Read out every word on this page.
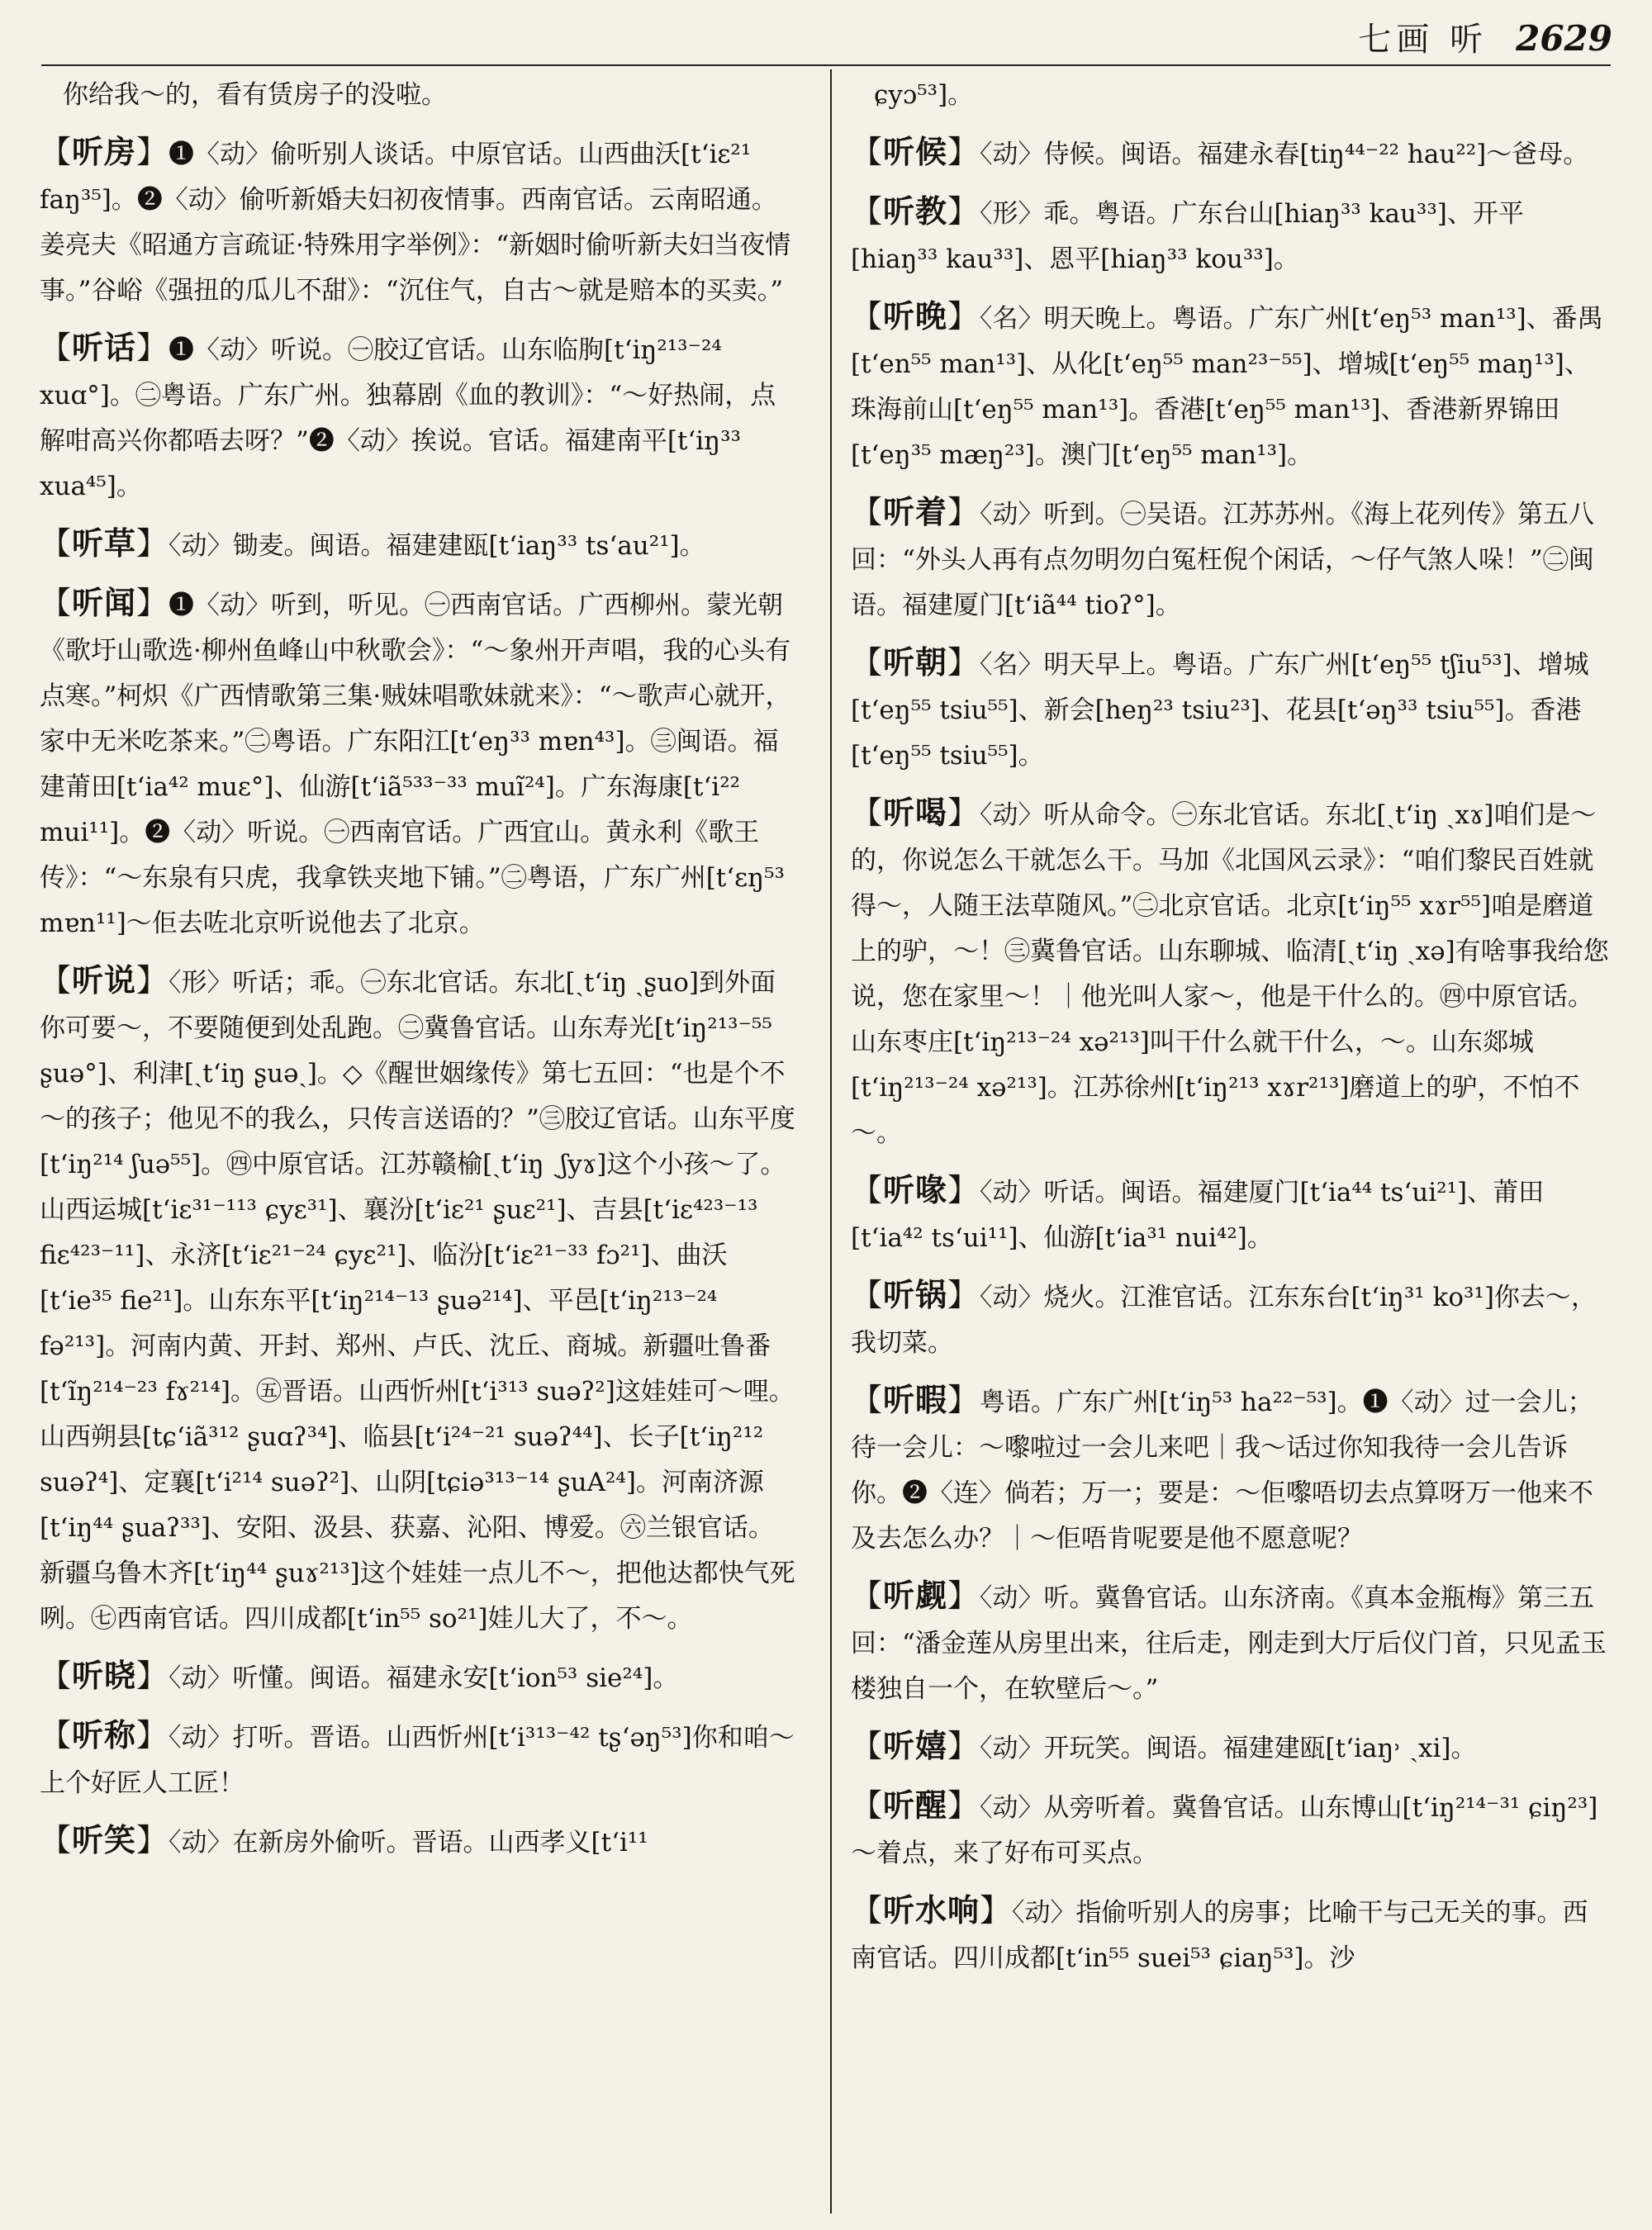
七画 听 2629

你给我～的，看有赁房子的没啦。

【听房】❶〈动〉偷听别人谈话。中原官话。山西曲沃[t‘iɛ²¹ faŋ³⁵]。❷〈动〉偷听新婚夫妇初夜情事。西南官话。云南昭通。姜亮夫《昭通方言疏证·特殊用字举例》：“新姻时偷听新夫妇当夜情事。”谷峪《强扭的瓜儿不甜》：“沉住气，自古～就是赔本的买卖。”

【听话】❶〈动〉听说。㊀胶辽官话。山东临朐[t‘iŋ²¹³⁻²⁴ xuɑ°]。㊁粤语。广东广州。独幕剧《血的教训》：“～好热闹，点解咁高兴你都唔去呀？”❷〈动〉挨说。官话。福建南平[t‘iŋ³³ xua⁴⁵]。

【听草】〈动〉锄麦。闽语。福建建瓯[t‘iaŋ³³ ts‘au²¹]。

【听闻】❶〈动〉听到，听见。㊀西南官话。广西柳州。蒙光朝《歌圩山歌选·柳州鱼峰山中秋歌会》：“～象州开声唱，我的心头有点寒。”柯炽《广西情歌第三集·贼妹唱歌妹就来》：“～歌声心就开，家中无米吃茶来。”㊁粤语。广东阳江[t‘eŋ³³ mɐn⁴³]。㊂闽语。福建莆田[t‘ia⁴² muɛ°]、仙游[t‘iã⁵³³⁻³³ muĩ²⁴]。广东海康[t‘i²² mui¹¹]。❷〈动〉听说。㊀西南官话。广西宜山。黄永利《歌王传》：“～东泉有只虎，我拿铁夹地下铺。”㊁粤语，广东广州[t‘ɛŋ⁵³ mɐn¹¹]～佢去咗北京听说他去了北京。

【听说】〈形〉听话；乖。㊀东北官话。东北[ˏt‘iŋ ˏʂuo]到外面你可要～，不要随便到处乱跑。㊁冀鲁官话。山东寿光[t‘iŋ²¹³⁻⁵⁵ ʂuə°]、利津[ˏt‘iŋ ʂuəˏ]。◇《醒世姻缘传》第七五回：“也是个不～的孩子；他见不的我么，只传言送语的？”㊂胶辽官话。山东平度[t‘iŋ²¹⁴ ʃuə⁵⁵]。㊃中原官话。江苏赣榆[ˏt‘iŋ ˏʃyɤ]这个小孩～了。山西运城[t‘iɛ³¹⁻¹¹³ ɕyɛ³¹]、襄汾[t‘iɛ²¹ ʂuɛ²¹]、吉县[t‘iɛ⁴²³⁻¹³ fiɛ⁴²³⁻¹¹]、永济[t‘iɛ²¹⁻²⁴ ɕyɛ²¹]、临汾[t‘iɛ²¹⁻³³ fɔ²¹]、曲沃[t‘ie³⁵ fie²¹]。山东东平[t‘iŋ²¹⁴⁻¹³ ʂuə²¹⁴]、平邑[t‘iŋ²¹³⁻²⁴ fə²¹³]。河南内黄、开封、郑州、卢氏、沈丘、商城。新疆吐鲁番[t‘ĩŋ²¹⁴⁻²³ fɤ²¹⁴]。㊄晋语。山西忻州[t‘i³¹³ suəʔ²]这娃娃可～哩。山西朔县[tɕ‘iã³¹² ʂuɑʔ³⁴]、临县[t‘i²⁴⁻²¹ suəʔ⁴⁴]、长子[t‘iŋ²¹² suəʔ⁴]、定襄[t‘i²¹⁴ suəʔ²]、山阴[tɕiə³¹³⁻¹⁴ ʂuA²⁴]。河南济源[t‘iŋ⁴⁴ ʂuaʔ³³]、安阳、汲县、获嘉、沁阳、博爱。㊅兰银官话。新疆乌鲁木齐[t‘iŋ⁴⁴ ʂuɤ²¹³]这个娃娃一点儿不～，把他达都快气死咧。㊆西南官话。四川成都[t‘in⁵⁵ so²¹]娃儿大了，不～。

【听晓】〈动〉听懂。闽语。福建永安[t‘ion⁵³ sie²⁴]。

【听称】〈动〉打听。晋语。山西忻州[t‘i³¹³⁻⁴² tʂ‘əŋ⁵³]你和咱～上个好匠人工匠！

【听笑】〈动〉在新房外偷听。晋语。山西孝义[t‘i¹¹

ɕyɔ⁵³]。

【听候】〈动〉侍候。闽语。福建永春[tiŋ⁴⁴⁻²² hau²²]～爸母。

【听教】〈形〉乖。粤语。广东台山[hiaŋ³³ kau³³]、开平[hiaŋ³³ kau³³]、恩平[hiaŋ³³ kou³³]。

【听晚】〈名〉明天晚上。粤语。广东广州[t‘eŋ⁵³ man¹³]、番禺[t‘en⁵⁵ man¹³]、从化[t‘eŋ⁵⁵ man²³⁻⁵⁵]、增城[t‘eŋ⁵⁵ maŋ¹³]、珠海前山[t‘eŋ⁵⁵ man¹³]。香港[t‘eŋ⁵⁵ man¹³]、香港新界锦田[t‘eŋ³⁵ mæŋ²³]。澳门[t‘eŋ⁵⁵ man¹³]。

【听着】〈动〉听到。㊀吴语。江苏苏州。《海上花列传》第五八回：“外头人再有点勿明勿白冤枉倪个闲话，～仔气煞人哚！”㊁闽语。福建厦门[t‘iã⁴⁴ tioʔ°]。

【听朝】〈名〉明天早上。粤语。广东广州[t‘eŋ⁵⁵ tʃiu⁵³]、增城[t‘eŋ⁵⁵ tsiu⁵⁵]、新会[heŋ²³ tsiu²³]、花县[t‘əŋ³³ tsiu⁵⁵]。香港[t‘eŋ⁵⁵ tsiu⁵⁵]。

【听喝】〈动〉听从命令。㊀东北官话。东北[ˏt‘iŋ ˏxɤ]咱们是～的，你说怎么干就怎么干。马加《北国风云录》：“咱们黎民百姓就得～，人随王法草随风。”㊁北京官话。北京[t‘iŋ⁵⁵ xɤr⁵⁵]咱是磨道上的驴，～！㊂冀鲁官话。山东聊城、临清[ˏt‘iŋ ˏxə]有啥事我给您说，您在家里～！｜他光叫人家～，他是干什么的。㊃中原官话。山东枣庄[t‘iŋ²¹³⁻²⁴ xə²¹³]叫干什么就干什么，～。山东郯城[t‘iŋ²¹³⁻²⁴ xə²¹³]。江苏徐州[t‘iŋ²¹³ xɤr²¹³]磨道上的驴，不怕不～。

【听喙】〈动〉听话。闽语。福建厦门[t‘ia⁴⁴ ts‘ui²¹]、莆田[t‘ia⁴² ts‘ui¹¹]、仙游[t‘ia³¹ nui⁴²]。

【听锅】〈动〉烧火。江淮官话。江东东台[t‘iŋ³¹ ko³¹]你去～，我切菜。

【听暇】粤语。广东广州[t‘iŋ⁵³ ha²²⁻⁵³]。❶〈动〉过一会儿；待一会儿：～嚟啦过一会儿来吧｜我～话过你知我待一会儿告诉你。❷〈连〉倘若；万一；要是：～佢嚟唔切去点算呀万一他来不及去怎么办？｜～佢唔肯呢要是他不愿意呢？

【听觑】〈动〉听。冀鲁官话。山东济南。《真本金瓶梅》第三五回：“潘金莲从房里出来，往后走，刚走到大厅后仪门首，只见孟玉楼独自一个，在软壁后～。”

【听嬉】〈动〉开玩笑。闽语。福建建瓯[t‘iaŋ˒ ˏxi]。

【听醒】〈动〉从旁听着。冀鲁官话。山东博山[t‘iŋ²¹⁴⁻³¹ ɕiŋ²³]～着点，来了好布可买点。

【听水响】〈动〉指偷听别人的房事；比喻干与己无关的事。西南官话。四川成都[t‘in⁵⁵ suei⁵³ ɕiaŋ⁵³]。沙
